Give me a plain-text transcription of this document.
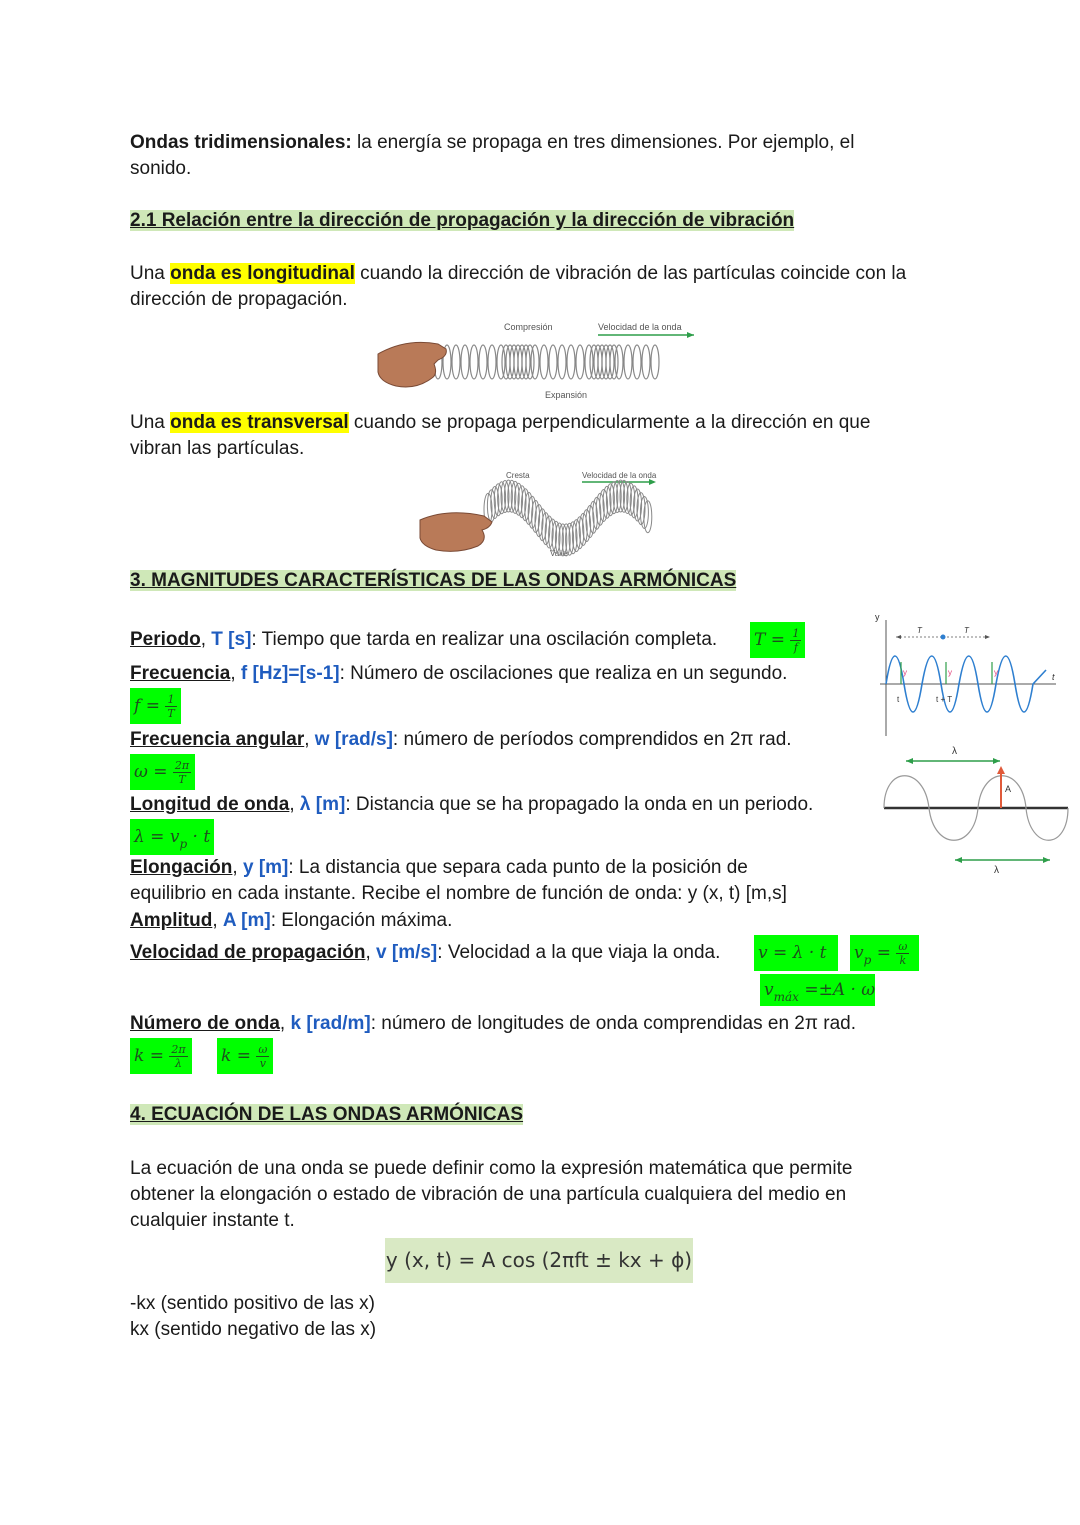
Ondas tridimensionales: la energía se propaga en tres dimensiones. Por ejemplo, el
sonido.

2.1 Relación entre la dirección de propagación y la dirección de vibración

Una onda es longitudinal cuando la dirección de vibración de las partículas coincide con la
dirección de propagación.

Compresión	Velocidad de la onda
Expansión

Una onda es transversal cuando se propaga perpendicularmente a la dirección en que
vibran las partículas.

Cresta	Velocidad de la onda
Valle

3. MAGNITUDES CARACTERÍSTICAS DE LAS ONDAS ARMÓNICAS

Periodo, T [s]: Tiempo que tarda en realizar una oscilación completa. $T = \frac{1}{f}$

Frecuencia, f [Hz]=[s-1]: Número de oscilaciones que realiza en un segundo.

$f = \frac{1}{T}$

Frecuencia angular, w [rad/s]: número de períodos comprendidos en 2π rad.

$\omega = \frac{2\pi}{T}$

Longitud de onda, λ [m]: Distancia que se ha propagado la onda en un periodo.

$\lambda = v_p \cdot t$

Elongación, y [m]: La distancia que separa cada punto de la posición de
equilibrio en cada instante. Recibe el nombre de función de onda: y (x, t) [m,s]

Amplitud, A [m]: Elongación máxima.

Velocidad de propagación, v [m/s]: Velocidad a la que viaja la onda. v = λ · t	$v_p = \frac{\omega}{k}$
$v_{máx} =\pm A \cdot \omega$

Número de onda, k [rad/m]: número de longitudes de onda comprendidas en 2π rad.

$k = \frac{2\pi}{\lambda}$ $k = \frac{\omega}{v}$
y
t
T	T
y	y	y
t	t + T
λ
A
λ

4. ECUACIÓN DE LAS ONDAS ARMÓNICAS

La ecuación de una onda se puede definir como la expresión matemática que permite
obtener la elongación o estado de vibración de una partícula cualquiera del medio en
cualquier instante t.

y (x, t) = A cos (2πft ± kx + ϕ)

-kx (sentido positivo de las x)
kx (sentido negativo de las x)
